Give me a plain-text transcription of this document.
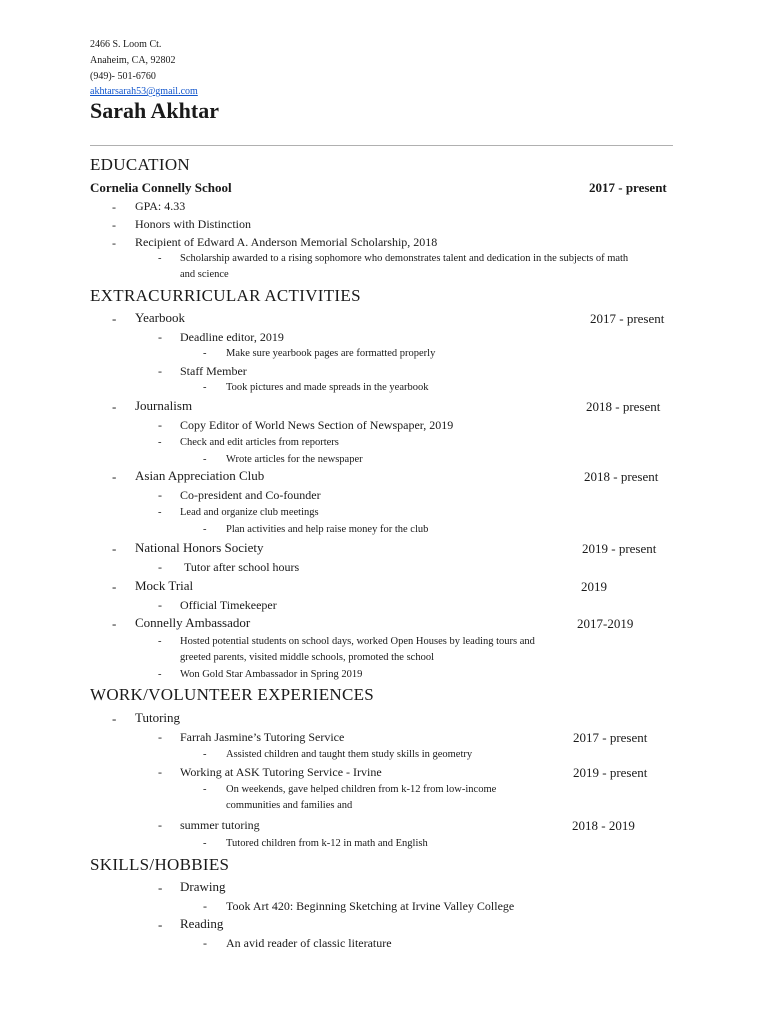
2466 S. Loom Ct.
Anaheim, CA, 92802
(949)- 501-6760
akhtarsarah53@gmail.com
Sarah Akhtar
EDUCATION
Cornelia Connelly School	2017 - present
- GPA: 4.33
- Honors with Distinction
- Recipient of Edward A. Anderson Memorial Scholarship, 2018
- Scholarship awarded to a rising sophomore who demonstrates talent and dedication in the subjects of math
and science
EXTRACURRICULAR ACTIVITIES
- Yearbook	2017 - present
- Deadline editor, 2019
- Make sure yearbook pages are formatted properly
- Staff Member
- Took pictures and made spreads in the yearbook
- Journalism	2018 - present
- Copy Editor of World News Section of Newspaper, 2019
- Check and edit articles from reporters
- Wrote articles for the newspaper
- Asian Appreciation Club	2018 - present
- Co-president and Co-founder
- Lead and organize club meetings
- Plan activities and help raise money for the club
- National Honors Society	2019 - present
- Tutor after school hours
- Mock Trial	2019
- Official Timekeeper
- Connelly Ambassador	2017-2019
- Hosted potential students on school days, worked Open Houses by leading tours and
greeted parents, visited middle schools, promoted the school
- Won Gold Star Ambassador in Spring 2019
WORK/VOLUNTEER EXPERIENCES
- Tutoring
- Farrah Jasmine’s Tutoring Service	2017 - present
- Assisted children and taught them study skills in geometry
- Working at ASK Tutoring Service - Irvine	2019 - present
- On weekends, gave helped children from k-12 from low-income
communities and families and
- summer tutoring	2018 - 2019
- Tutored children from k-12 in math and English
SKILLS/HOBBIES
- Drawing
- Took Art 420: Beginning Sketching at Irvine Valley College
- Reading
- An avid reader of classic literature
